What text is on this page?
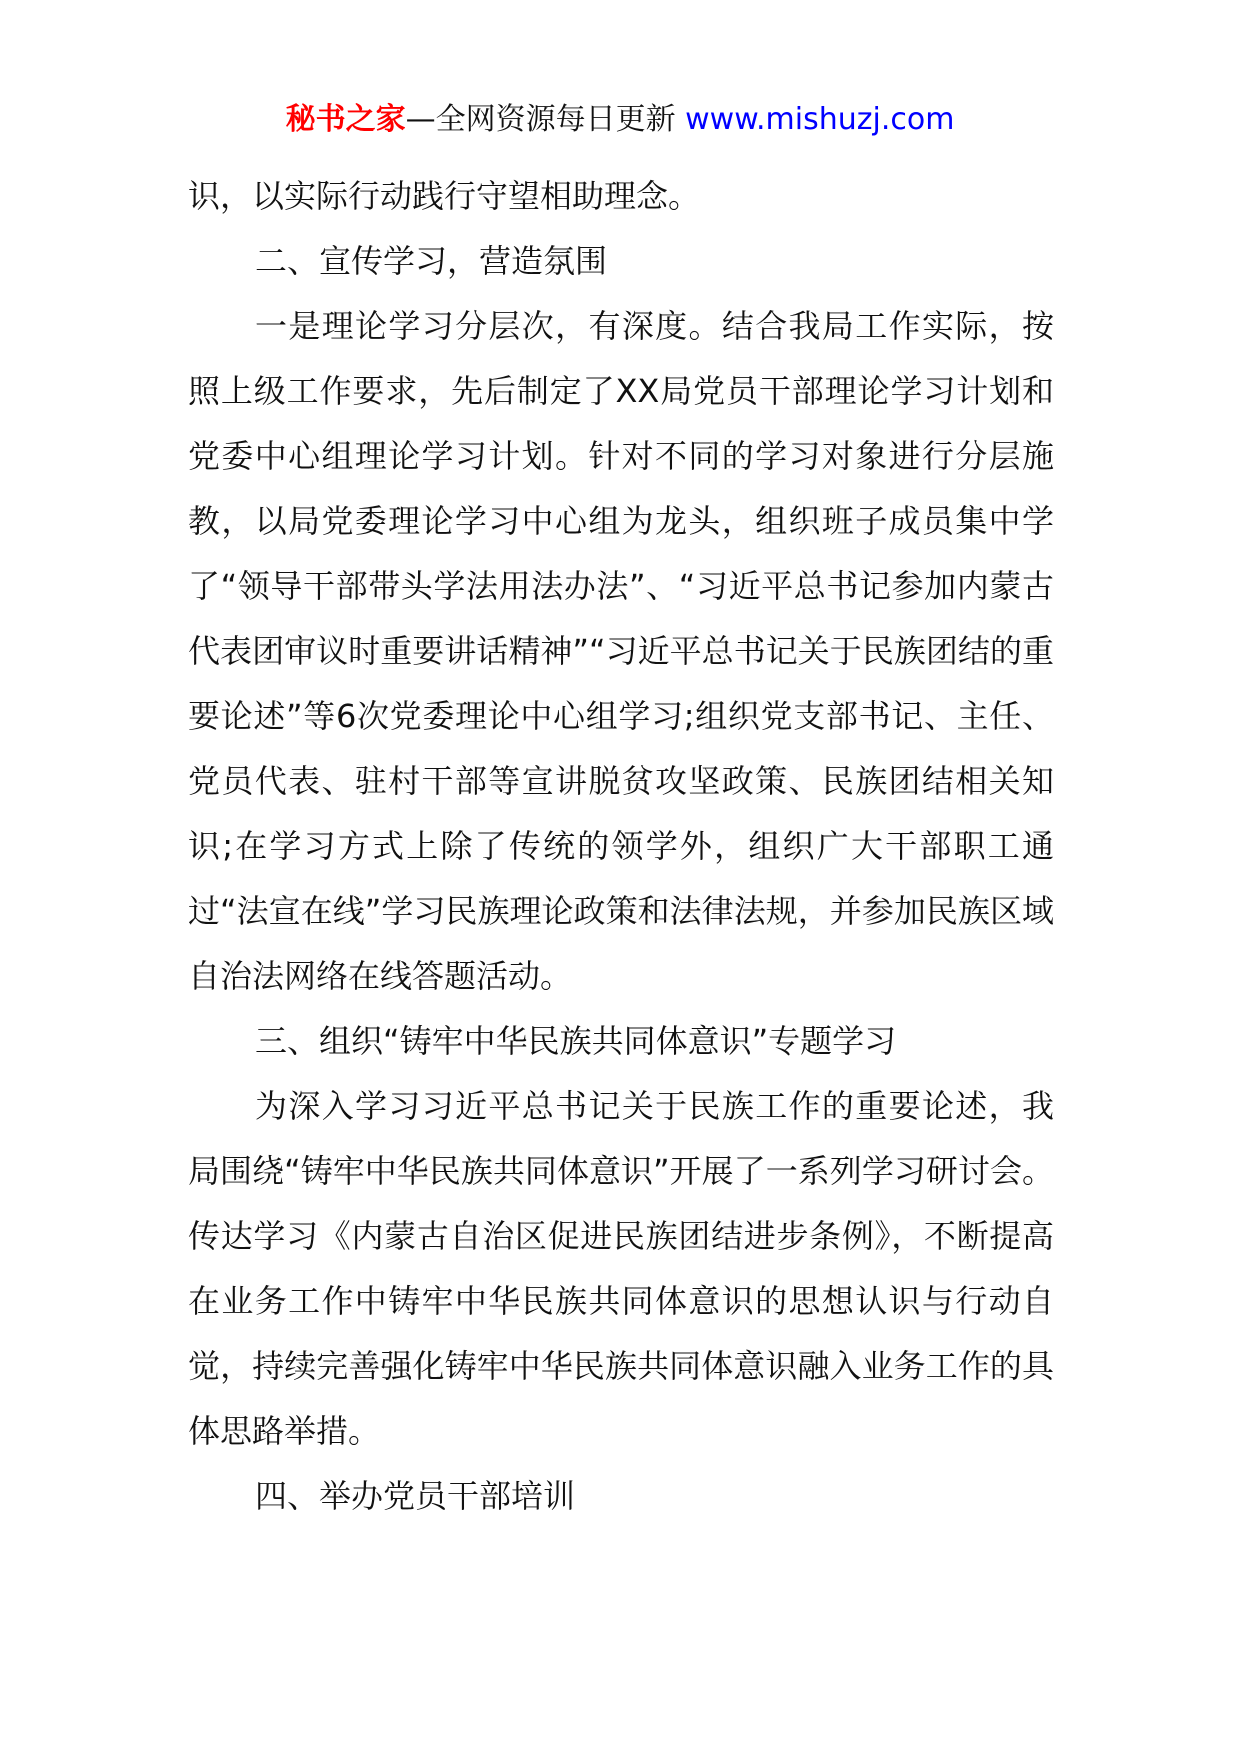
秘书之家—全网资源每日更新 www.mishuzj.com

识，以实际行动践行守望相助理念。

二、宣传学习，营造氛围

一是理论学习分层次，有深度。结合我局工作实际，按照上级工作要求，先后制定了XX局党员干部理论学习计划和党委中心组理论学习计划。针对不同的学习对象进行分层施教，以局党委理论学习中心组为龙头，组织班子成员集中学了“领导干部带头学法用法办法”、“习近平总书记参加内蒙古代表团审议时重要讲话精神”“习近平总书记关于民族团结的重要论述”等6次党委理论中心组学习;组织党支部书记、主任、党员代表、驻村干部等宣讲脱贫攻坚政策、民族团结相关知识;在学习方式上除了传统的领学外，组织广大干部职工通过“法宣在线”学习民族理论政策和法律法规，并参加民族区域自治法网络在线答题活动。

三、组织“铸牢中华民族共同体意识”专题学习

为深入学习习近平总书记关于民族工作的重要论述，我局围绕“铸牢中华民族共同体意识”开展了一系列学习研讨会。传达学习《内蒙古自治区促进民族团结进步条例》，不断提高在业务工作中铸牢中华民族共同体意识的思想认识与行动自觉，持续完善强化铸牢中华民族共同体意识融入业务工作的具体思路举措。

四、举办党员干部培训
